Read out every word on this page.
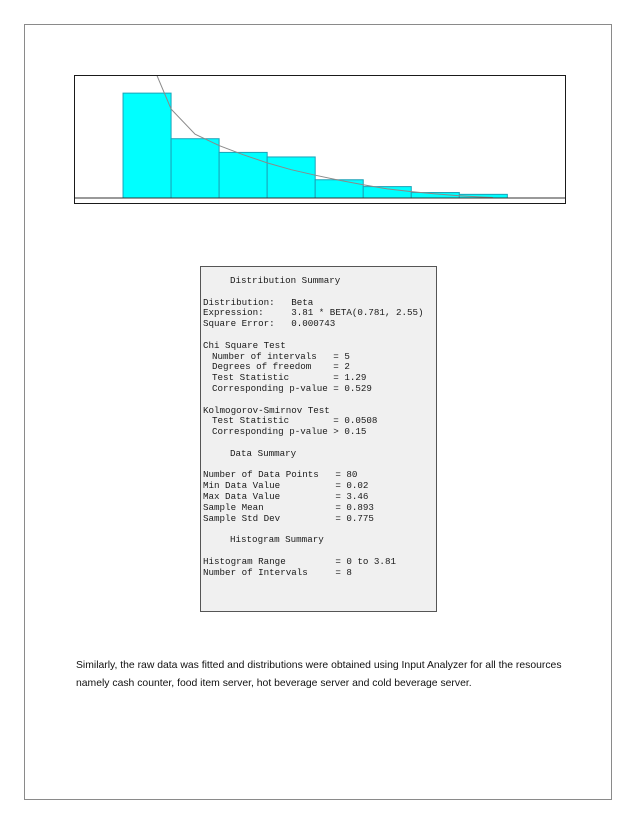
Distribution Summary
Distribution:   Beta
Expression:     3.81 * BETA(0.781, 2.55)
Square Error:   0.000743
Chi Square Test
Number of intervals   = 5
Degrees of freedom    = 2
Test Statistic        = 1.29
Corresponding p-value = 0.529
Kolmogorov-Smirnov Test
Test Statistic        = 0.0508
Corresponding p-value > 0.15
Data Summary
Number of Data Points   = 80
Min Data Value          = 0.02
Max Data Value          = 3.46
Sample Mean             = 0.893
Sample Std Dev          = 0.775
Histogram Summary
Histogram Range         = 0 to 3.81
Number of Intervals     = 8

Similarly, the raw data was fitted and distributions were obtained using Input Analyzer for all the resources namely cash counter, food item server, hot beverage server and cold beverage server.
